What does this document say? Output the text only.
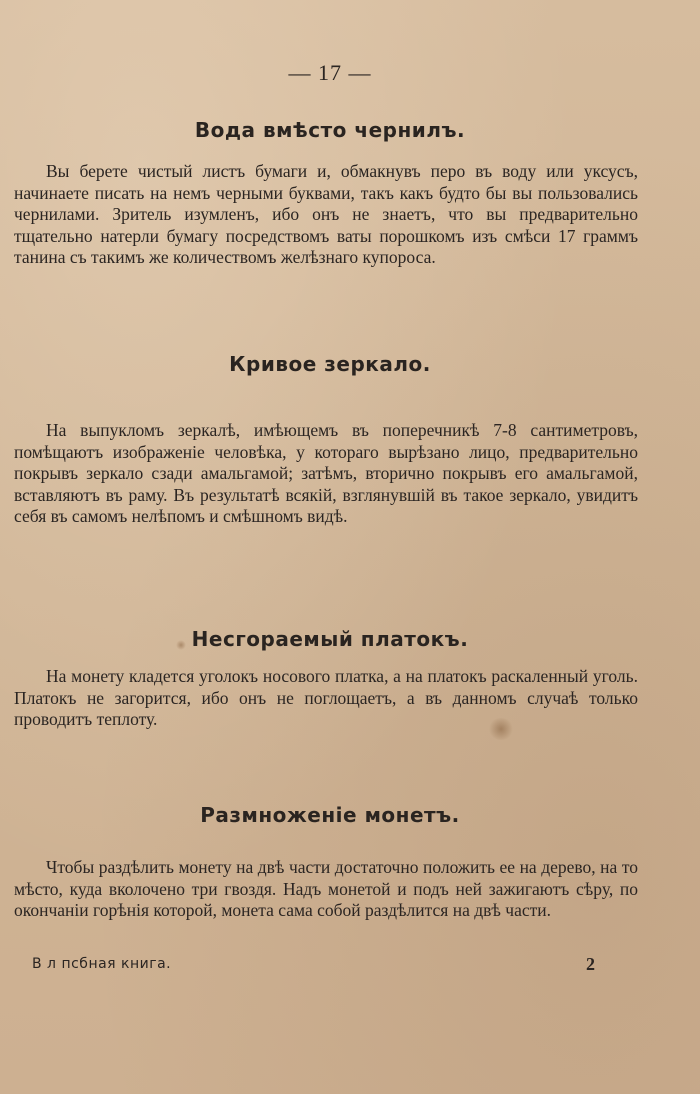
— 17 —
Вода вмѣсто чернилъ.

Вы берете чистый листъ бумаги и, обмакнувъ перо въ воду или уксусъ, начинаете писать на немъ черными буквами, такъ какъ будто бы вы пользовались чернилами. Зритель изумленъ, ибо онъ не знаетъ, что вы предварительно тщательно натерли бумагу посредствомъ ваты порошкомъ изъ смѣси 17 граммъ танина съ такимъ же количествомъ желѣзнаго купороса.

Кривое зеркало.

На выпукломъ зеркалѣ, имѣющемъ въ поперечникѣ 7-8 сантиметровъ, помѣщаютъ изображеніе человѣка, у котораго вырѣзано лицо, предварительно покрывъ зеркало сзади амальгамой; затѣмъ, вторично покрывъ его амальгамой, вставляютъ въ раму. Въ результатѣ всякій, взглянувшій въ такое зеркало, увидитъ себя въ самомъ нелѣпомъ и смѣшномъ видѣ.

Несгораемый платокъ.

На монету кладется уголокъ носового платка, а на платокъ раскаленный уголь. Платокъ не загорится, ибо онъ не поглощаетъ, а въ данномъ случаѣ только проводитъ теплоту.

Размноженіе монетъ.

Чтобы раздѣлить монету на двѣ части достаточно положить ее на дерево, на то мѣсто, куда вколочено три гвоздя. Надъ монетой и подъ ней зажигаютъ сѣру, по окончаніи горѣнія которой, монета сама собой раздѣлится на двѣ части.

В л псбная книга.	2
